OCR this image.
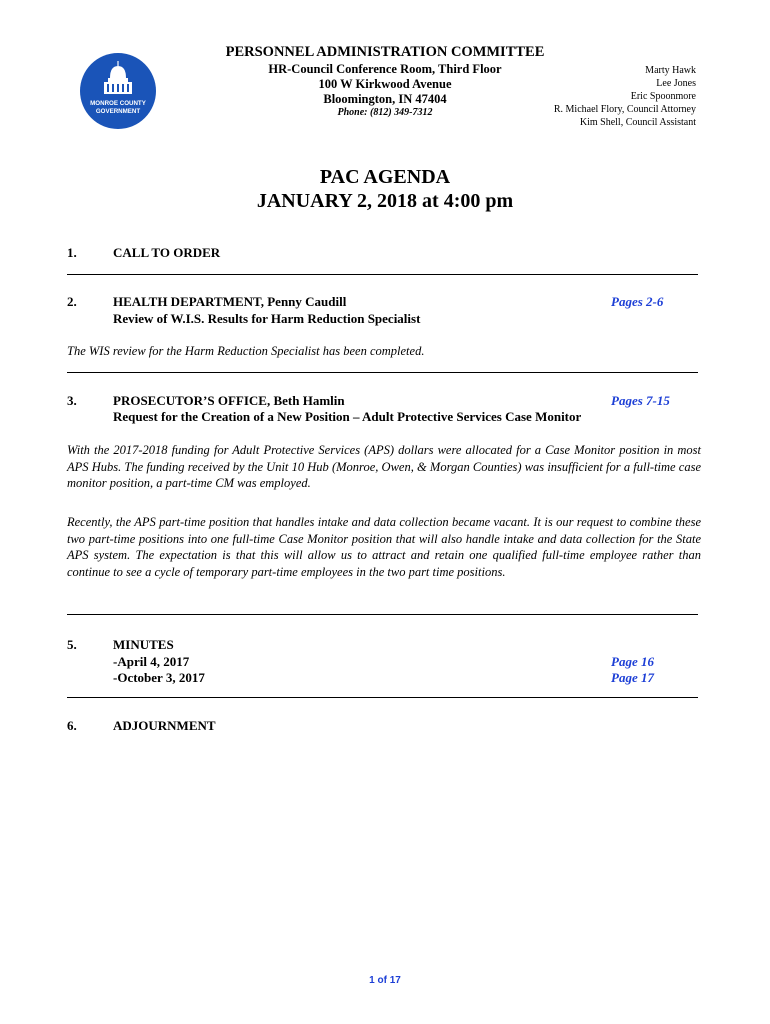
MONROE COUNTY
GOVERNMENT
PERSONNEL ADMINISTRATION COMMITTEE
HR-Council Conference Room, Third Floor
100 W Kirkwood Avenue
Bloomington, IN 47404
Phone: (812) 349-7312
Marty Hawk
Lee Jones
Eric Spoonmore
R. Michael Flory, Council Attorney
Kim Shell, Council Assistant
PAC AGENDA
JANUARY 2, 2018 at 4:00 pm
1.	CALL TO ORDER
2.	HEALTH DEPARTMENT, Penny Caudill	Pages 2-6
Review of W.I.S. Results for Harm Reduction Specialist
The WIS review for the Harm Reduction Specialist has been completed.
3.	PROSECUTOR’S OFFICE, Beth Hamlin	Pages 7-15
Request for the Creation of a New Position – Adult Protective Services Case Monitor
With the 2017-2018 funding for Adult Protective Services (APS) dollars were allocated for a Case Monitor position in most APS Hubs. The funding received by the Unit 10 Hub (Monroe, Owen, & Morgan Counties) was insufficient for a full-time case monitor position, a part-time CM was employed.
Recently, the APS part-time position that handles intake and data collection became vacant. It is our request to combine these two part-time positions into one full-time Case Monitor position that will also handle intake and data collection for the State APS system. The expectation is that this will allow us to attract and retain one qualified full-time employee rather than continue to see a cycle of temporary part-time employees in the two part time positions.
5.	MINUTES
-April 4, 2017	Page 16
-October 3, 2017	Page 17
6.	ADJOURNMENT
1 of 17
